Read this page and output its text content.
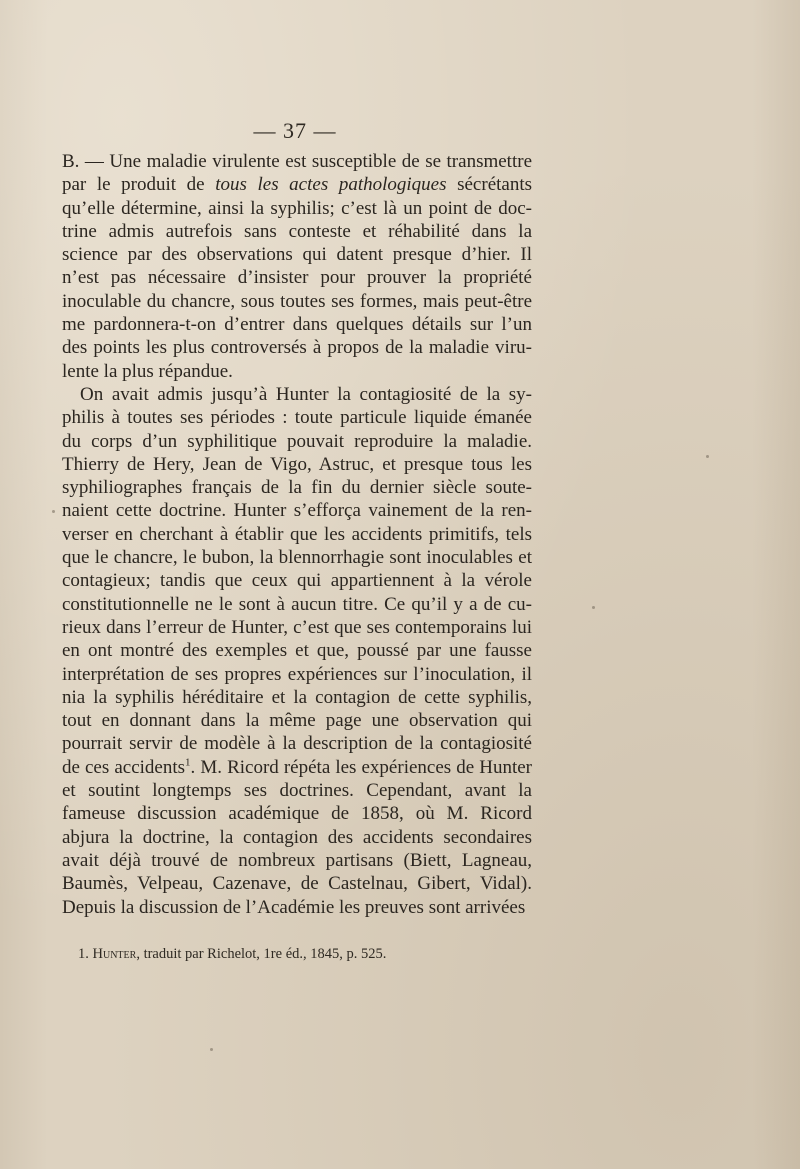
— 37 —

B. — Une maladie virulente est susceptible de se transmettre par le produit de tous les actes pathologiques sécrétants qu’elle détermine, ainsi la syphilis; c’est là un point de doctrine admis autrefois sans conteste et réhabilité dans la science par des observations qui datent presque d’hier. Il n’est pas nécessaire d’insister pour prouver la propriété inoculable du chancre, sous toutes ses formes, mais peut-être me pardonnera-t-on d’entrer dans quelques détails sur l’un des points les plus controversés à propos de la maladie virulente la plus répandue.

On avait admis jusqu’à Hunter la contagiosité de la syphilis à toutes ses périodes : toute particule liquide émanée du corps d’un syphilitique pouvait reproduire la maladie. Thierry de Hery, Jean de Vigo, Astruc, et presque tous les syphiliographes français de la fin du dernier siècle soutenaient cette doctrine. Hunter s’efforça vainement de la renverser en cherchant à établir que les accidents primitifs, tels que le chancre, le bubon, la blennorrhagie sont inoculables et contagieux; tandis que ceux qui appartiennent à la vérole constitutionnelle ne le sont à aucun titre. Ce qu’il y a de curieux dans l’erreur de Hunter, c’est que ses contemporains lui en ont montré des exemples et que, poussé par une fausse interprétation de ses propres expériences sur l’inoculation, il nia la syphilis héréditaire et la contagion de cette syphilis, tout en donnant dans la même page une observation qui pourrait servir de modèle à la description de la contagiosité de ces accidents$^1$. M. Ricord répéta les expériences de Hunter et soutint longtemps ses doctrines. Cependant, avant la fameuse discussion académique de 1858, où M. Ricord abjura la doctrine, la contagion des accidents secondaires avait déjà trouvé de nombreux partisans (Biett, Lagneau, Baumès, Velpeau, Cazenave, de Castelnau, Gibert, Vidal). Depuis la discussion de l’Académie les preuves sont arrivées

1. Hunter, traduit par Richelot, 1re éd., 1845, p. 525.
